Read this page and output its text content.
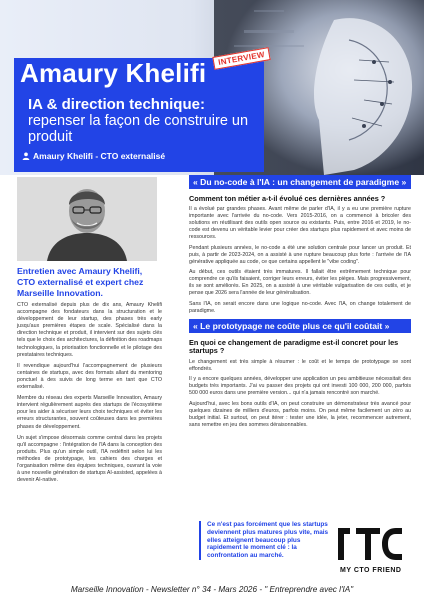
INTERVIEW
Amaury Khelifi
IA & direction technique:
repenser la façon de construire un produit
Amaury Khelifi - CTO externalisé
Entretien avec Amaury Khelifi, CTO externalisé et expert chez Marseille Innovation.

CTO externalisé depuis plus de dix ans, Amaury Khelifi accompagne des fondateurs dans la structuration et le développement de leur startup, des phases très early jusqu'aux premières étapes de scale. Spécialisé dans la direction technique et produit, il intervient sur des sujets clés tels que le choix des architectures, la définition des roadmaps technologiques, la priorisation fonctionnelle et le pilotage des prestataires techniques.

Il revendique aujourd'hui l'accompagnement de plusieurs centaines de startups, avec des formats allant du mentoring ponctuel à des suivis de long terme en tant que CTO externalisé.

Membre du réseau des experts Marseille Innovation, Amaury intervient régulièrement auprès des startups de l'écosystème pour les aider à sécuriser leurs choix techniques et éviter les erreurs structurantes, souvent coûteuses dans les premières phases de développement.

Un sujet s'impose désormais comme central dans les projets qu'il accompagne : l'intégration de l'IA dans la conception des produits. Plus qu'un simple outil, l'IA redéfinit selon lui les méthodes de prototypage, les cahiers des charges et l'organisation même des équipes techniques, ouvrant la voie à une nouvelle génération de startups AI-assisted, appelées à devenir AI-native.

« Du no-code à l'IA : un changement de paradigme »
Comment ton métier a-t-il évolué ces dernières années ?

Il a évolué par grandes phases. Avant même de parler d'IA, il y a eu une première rupture importante avec l'arrivée du no-code. Vers 2015-2016, on a commencé à bricoler des solutions en réutilisant des outils open source ou existants. Puis, entre 2016 et 2019, le no-code est devenu un véritable levier pour créer des startups plus rapidement et avec moins de ressources.

Pendant plusieurs années, le no-code a été une solution centrale pour lancer un produit. Et puis, à partir de 2023-2024, on a assisté à une rupture beaucoup plus forte : l'arrivée de l'IA générative appliquée au code, ce que certains appellent le "vibe coding".

Au début, ces outils étaient très immatures. Il fallait être extrêmement technique pour comprendre ce qu'ils faisaient, corriger leurs erreurs, éviter les pièges. Mais progressivement, ils se sont améliorés. En 2025, on a assisté à une véritable vulgarisation de ces outils, et je pense que 2026 sera l'année de leur généralisation.

Sans l'IA, on serait encore dans une logique no-code. Avec l'IA, on change totalement de paradigme.

« Le prototypage ne coûte plus ce qu'il coûtait »
En quoi ce changement de paradigme est-il concret pour les startups ?

Le changement est très simple à résumer : le coût et le temps de prototypage se sont effondrés.

Il y a encore quelques années, développer une application un peu ambitieuse nécessitait des budgets très importants. J'ai vu passer des projets qui ont investi 100 000, 200 000, parfois 500 000 euros dans une première version... qui n'a jamais rencontré son marché.

Aujourd'hui, avec les bons outils d'IA, on peut construire un démonstrateur très avancé pour quelques dizaines de milliers d'euros, parfois moins. On peut même facilement un zéro au budget initial. Et surtout, on peut itérer : tester une idée, la jeter, recommencer autrement, sans remettre en jeu des sommes déraisonnables.

Ce n'est pas forcément que les startups deviennent plus matures plus vite, mais elles atteignent beaucoup plus rapidement le moment clé : la confrontation au marché.
MY CTO FRIEND
Marseille Innovation - Newsletter n° 34 - Mars 2026 - " Entreprendre avec l'IA"
